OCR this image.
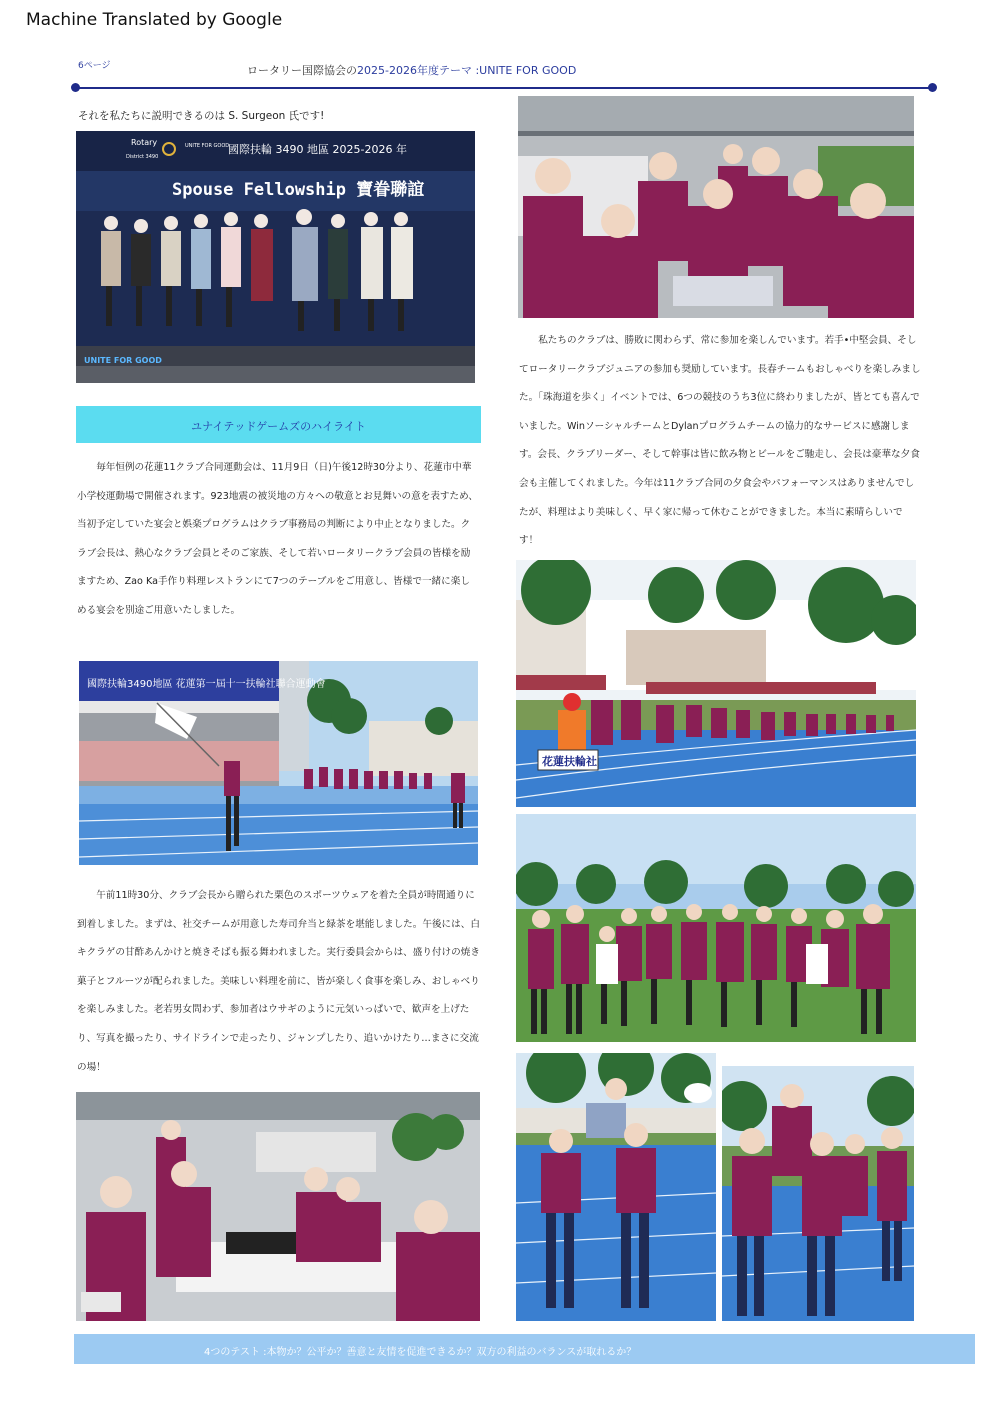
Machine Translated by Google
6ページ	ロータリー国際協会の2025-2026年度テーマ :UNITE FOR GOOD
それを私たちに説明できるのは S. Surgeon 氏です!
Rotary
District 3490
UNITE FOR GOOD
國際扶輪 3490 地區 2025-2026 年
Spouse Fellowship 寶眷聯誼
UNITE FOR GOOD
ユナイテッドゲームズのハイライト

毎年恒例の花蓮11クラブ合同運動会は、11月9日（日)午後12時30分より、花蓮市中華小学校運動場で開催されます。923地震の被災地の方々への敬意とお見舞いの意を表すため、当初予定していた宴会と娯楽プログラムはクラブ事務局の判断により中止となりました。クラブ会長は、熱心なクラブ会員とそのご家族、そして若いロータリークラブ会員の皆様を励ますため、Zao Ka手作り料理レストランにて7つのテーブルをご用意し、皆様で一緒に楽しめる宴会を別途ご用意いたしました。

國際扶輪3490地區 花蓮第一屆十一扶輪社聯合運動會

午前11時30分、クラブ会長から贈られた栗色のスポーツウェアを着た全員が時間通りに到着しました。まずは、社交チームが用意した寿司弁当と緑茶を堪能しました。午後には、白キクラゲの甘酢あんかけと焼きそばも振る舞われました。実行委員会からは、盛り付けの焼き菓子とフルーツが配られました。美味しい料理を前に、皆が楽しく食事を楽しみ、おしゃべりを楽しみました。老若男女問わず、参加者はウサギのように元気いっぱいで、歓声を上げたり、写真を撮ったり、サイドラインで走ったり、ジャンプしたり、追いかけたり…まさに交流の場！

私たちのクラブは、勝敗に関わらず、常に参加を楽しんでいます。若手•中堅会員、そしてロータリークラブジュニアの参加も奨励しています。長春チームもおしゃべりを楽しみました。「珠海道を歩く」イベントでは、6つの競技のうち3位に終わりましたが、皆とても喜んでいました。WinソーシャルチームとDylanプログラムチームの協力的なサービスに感謝します。会長、クラブリーダー、そして幹事は皆に飲み物とビールをご馳走し、会長は豪華な夕食会も主催してくれました。今年は11クラブ合同の夕食会やパフォーマンスはありませんでしたが、料理はより美味しく、早く家に帰って休むことができました。本当に素晴らしいです！

花蓮扶輪社
4つのテスト :本物か？公平か？善意と友情を促進できるか？双方の利益のバランスが取れるか？
